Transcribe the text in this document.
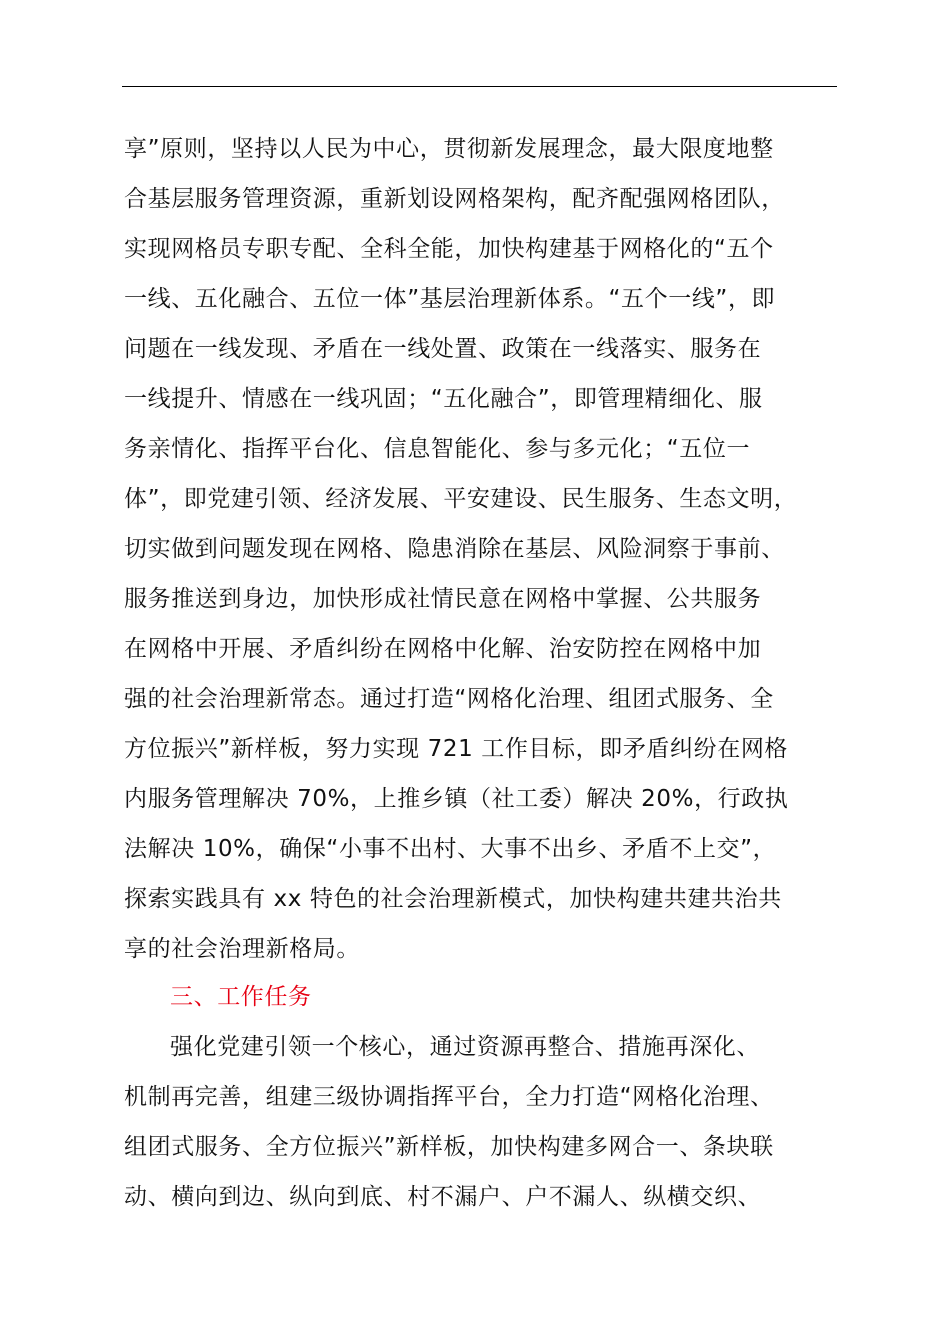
享”原则，坚持以人民为中心，贯彻新发展理念，最大限度地整
合基层服务管理资源，重新划设网格架构，配齐配强网格团队，
实现网格员专职专配、全科全能，加快构建基于网格化的“五个
一线、五化融合、五位一体”基层治理新体系。“五个一线”，即
问题在一线发现、矛盾在一线处置、政策在一线落实、服务在
一线提升、情感在一线巩固；“五化融合”，即管理精细化、服
务亲情化、指挥平台化、信息智能化、参与多元化；“五位一
体”，即党建引领、经济发展、平安建设、民生服务、生态文明，
切实做到问题发现在网格、隐患消除在基层、风险洞察于事前、
服务推送到身边，加快形成社情民意在网格中掌握、公共服务
在网格中开展、矛盾纠纷在网格中化解、治安防控在网格中加
强的社会治理新常态。通过打造“网格化治理、组团式服务、全
方位振兴”新样板，努力实现 721 工作目标，即矛盾纠纷在网格
内服务管理解决 70%，上推乡镇（社工委）解决 20%，行政执
法解决 10%，确保“小事不出村、大事不出乡、矛盾不上交”，
探索实践具有 xx 特色的社会治理新模式，加快构建共建共治共
享的社会治理新格局。
三、工作任务
强化党建引领一个核心，通过资源再整合、措施再深化、
机制再完善，组建三级协调指挥平台，全力打造“网格化治理、
组团式服务、全方位振兴”新样板，加快构建多网合一、条块联
动、横向到边、纵向到底、村不漏户、户不漏人、纵横交织、
